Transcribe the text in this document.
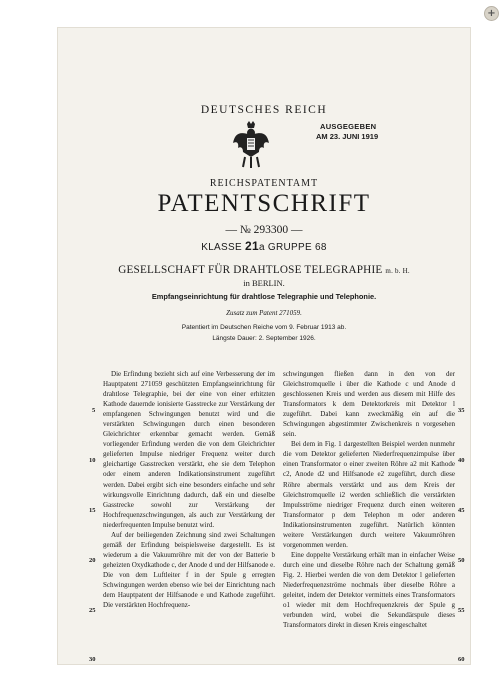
DEUTSCHES REICH
AUSGEGEBEN
AM 23. JUNI 1919
REICHSPATENTAMT
PATENTSCHRIFT
— № 293300 —
KLASSE 21a GRUPPE 68
GESELLSCHAFT FÜR DRAHTLOSE TELEGRAPHIE m. b. H.
in BERLIN.
Empfangseinrichtung für drahtlose Telegraphie und Telephonie.
Zusatz zum Patent 271059.
Patentiert im Deutschen Reiche vom 9. Februar 1913 ab.
Längste Dauer: 2. September 1926.

Die Erfindung bezieht sich auf eine Verbesserung der im Hauptpatent 271059 geschützten Empfangseinrichtung für drahtlose Telegraphie, bei der eine von einer erhitzten Kathode dauernde ionisierte Gasstrecke zur Verstärkung der empfangenen Schwingungen benutzt wird und die verstärkten Schwingungen durch einen besonderen Gleichrichter erkennbar gemacht werden. Gemäß vorliegender Erfindung werden die von dem Gleichrichter gelieferten Impulse niedriger Frequenz weiter durch gleichartige Gasstrecken verstärkt, ehe sie dem Telephon oder einem anderen Indikationsinstrument zugeführt werden. Dabei ergibt sich eine besonders einfache und sehr wirkungsvolle Einrichtung dadurch, daß ein und dieselbe Gasstrecke sowohl zur Verstärkung der Hochfrequenzschwingungen, als auch zur Verstärkung der niederfrequenten Impulse benutzt wird.

Auf der beiliegenden Zeichnung sind zwei Schaltungen gemäß der Erfindung beispielsweise dargestellt. Es ist wiederum a die Vakuumröhre mit der von der Batterie b geheizten Oxydkathode c, der Anode d und der Hilfsanode e. Die von dem Luftleiter f in der Spule g erregten Schwingungen werden ebenso wie bei der Einrichtung nach dem Hauptpatent der Hilfsanode e und Kathode zugeführt. Die verstärkten Hochfrequenz-

schwingungen fließen dann in den von der Gleichstromquelle i über die Kathode c und Anode d geschlossenen Kreis und werden aus diesem mit Hilfe des Transformators k dem Detektorkreis mit Detektor l zugeführt. Dabei kann zweckmäßig ein auf die Schwingungen abgestimmter Zwischenkreis n vorgesehen sein.

Bei dem in Fig. 1 dargestellten Beispiel werden nunmehr die vom Detektor gelieferten Niederfrequenzimpulse über einen Transformator o einer zweiten Röhre a2 mit Kathode c2, Anode d2 und Hilfsanode e2 zugeführt, durch diese Röhre abermals verstärkt und aus dem Kreis der Gleichstromquelle i2 werden schließlich die verstärkten Impulsströme niedriger Frequenz durch einen weiteren Transformator p dem Telephon m oder anderen Indikationsinstrumenten zugeführt. Natürlich könnten weitere Verstärkungen durch weitere Vakuumröhren vorgenommen werden.

Eine doppelte Verstärkung erhält man in einfacher Weise durch eine und dieselbe Röhre nach der Schaltung gemäß Fig. 2. Hierbei werden die von dem Detektor l gelieferten Niederfrequenzströme nochmals über dieselbe Röhre a geleitet, indem der Detektor vermittels eines Transformators o1 wieder mit dem Hochfrequenzkreis der Spule g verbunden wird, wobei die Sekundärspule dieses Transformators direkt in diesen Kreis eingeschaltet

5
10
15
20
25
30
35
40
45
50
55
60
+
